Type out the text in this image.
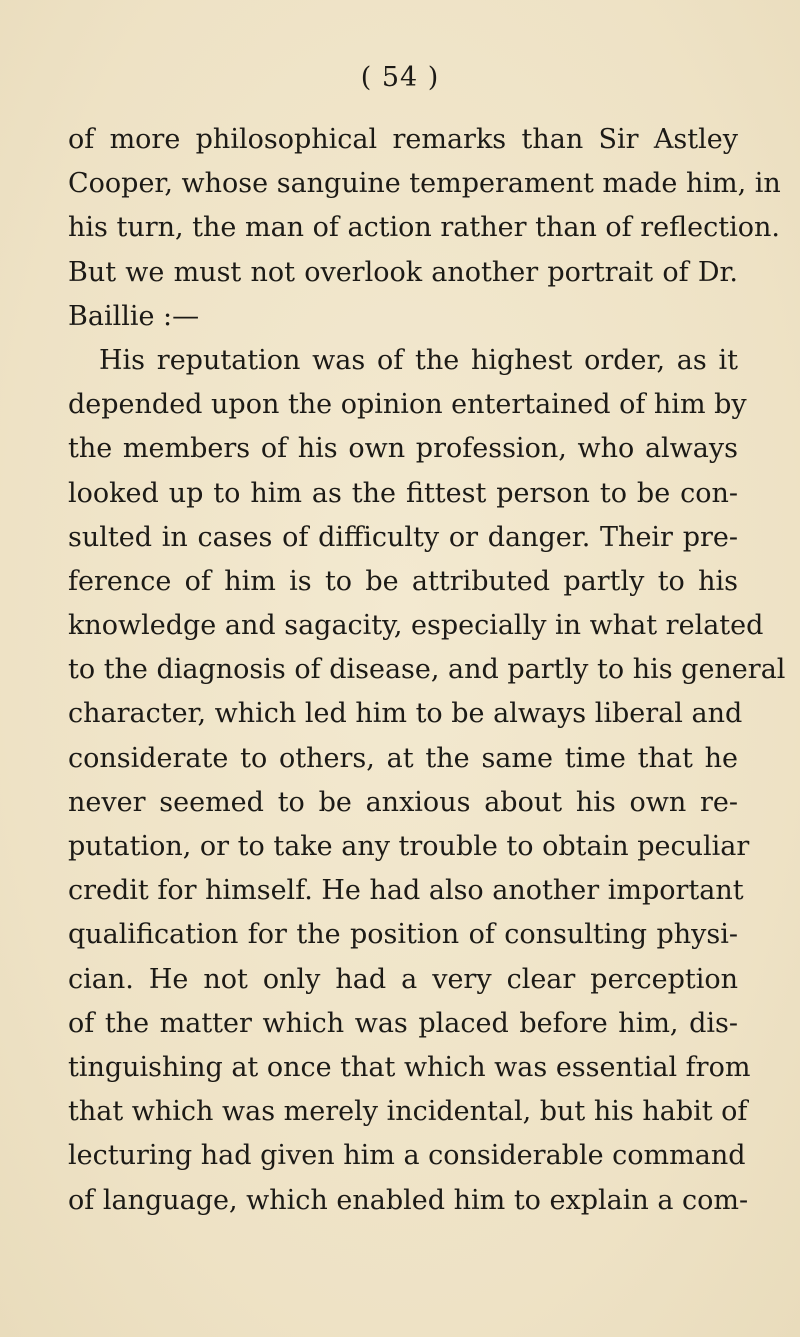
( 54 )
of more philosophical remarks than Sir Astley
Cooper, whose sanguine temperament made him, in
his turn, the man of action rather than of reflection.
But we must not overlook another portrait of Dr.
Baillie :—
His reputation was of the highest order, as it
depended upon the opinion entertained of him by
the members of his own profession, who always
looked up to him as the fittest person to be con-
sulted in cases of difficulty or danger. Their pre-
ference of him is to be attributed partly to his
knowledge and sagacity, especially in what related
to the diagnosis of disease, and partly to his general
character, which led him to be always liberal and
considerate to others, at the same time that he
never seemed to be anxious about his own re-
putation, or to take any trouble to obtain peculiar
credit for himself. He had also another important
qualification for the position of consulting physi-
cian. He not only had a very clear perception
of the matter which was placed before him, dis-
tinguishing at once that which was essential from
that which was merely incidental, but his habit of
lecturing had given him a considerable command
of language, which enabled him to explain a com-
